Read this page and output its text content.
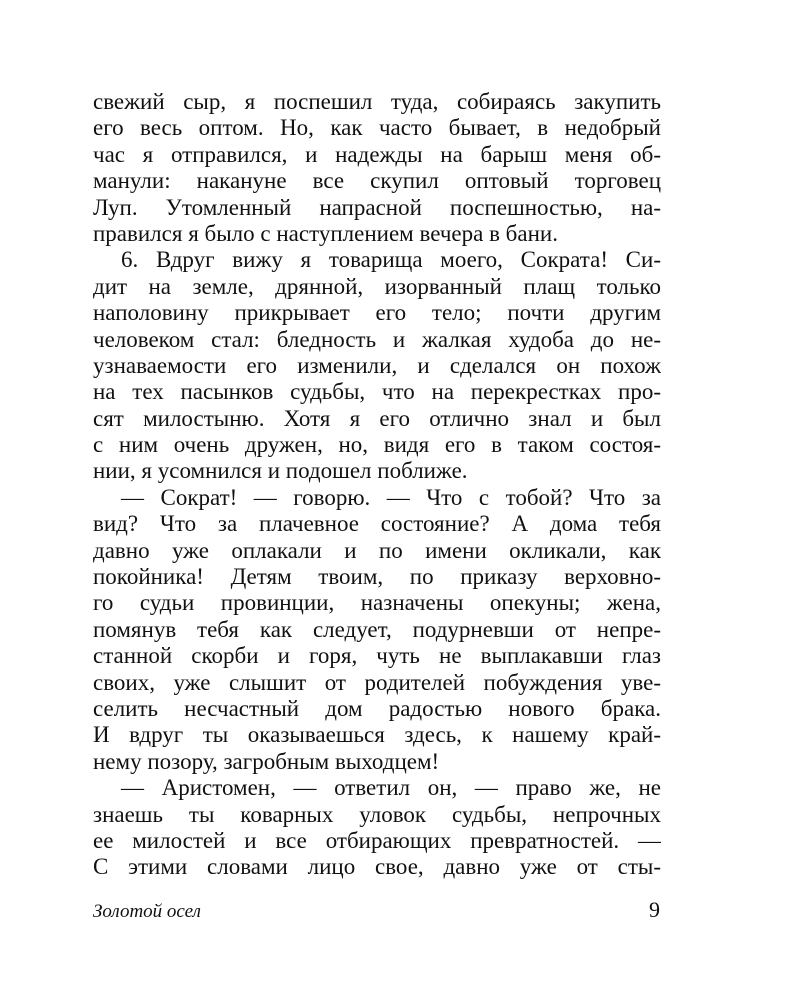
свежий сыр, я поспешил туда, собираясь закупить
его весь оптом. Но, как часто бывает, в недобрый
час я отправился, и надежды на барыш меня об-
манули: накануне все скупил оптовый торговец
Луп. Утомленный напрасной поспешностью, на-
правился я было с наступлением вечера в бани.
6. Вдруг вижу я товарища моего, Сократа! Си-
дит на земле, дрянной, изорванный плащ только
наполовину прикрывает его тело; почти другим
человеком стал: бледность и жалкая худоба до не-
узнаваемости его изменили, и сделался он похож
на тех пасынков судьбы, что на перекрестках про-
сят милостыню. Хотя я его отлично знал и был
с ним очень дружен, но, видя его в таком состоя-
нии, я усомнился и подошел поближе.
— Сократ! — говорю. — Что с тобой? Что за
вид? Что за плачевное состояние? А дома тебя
давно уже оплакали и по имени окликали, как
покойника! Детям твоим, по приказу верховно-
го судьи провинции, назначены опекуны; жена,
помянув тебя как следует, подурневши от непре-
станной скорби и горя, чуть не выплакавши глаз
своих, уже слышит от родителей побуждения уве-
селить несчастный дом радостью нового брака.
И вдруг ты оказываешься здесь, к нашему край-
нему позору, загробным выходцем!
— Аристомен, — ответил он, — право же, не
знаешь ты коварных уловок судьбы, непрочных
ее милостей и все отбирающих превратностей. —
С этими словами лицо свое, давно уже от сты-
Золотой осел	9
